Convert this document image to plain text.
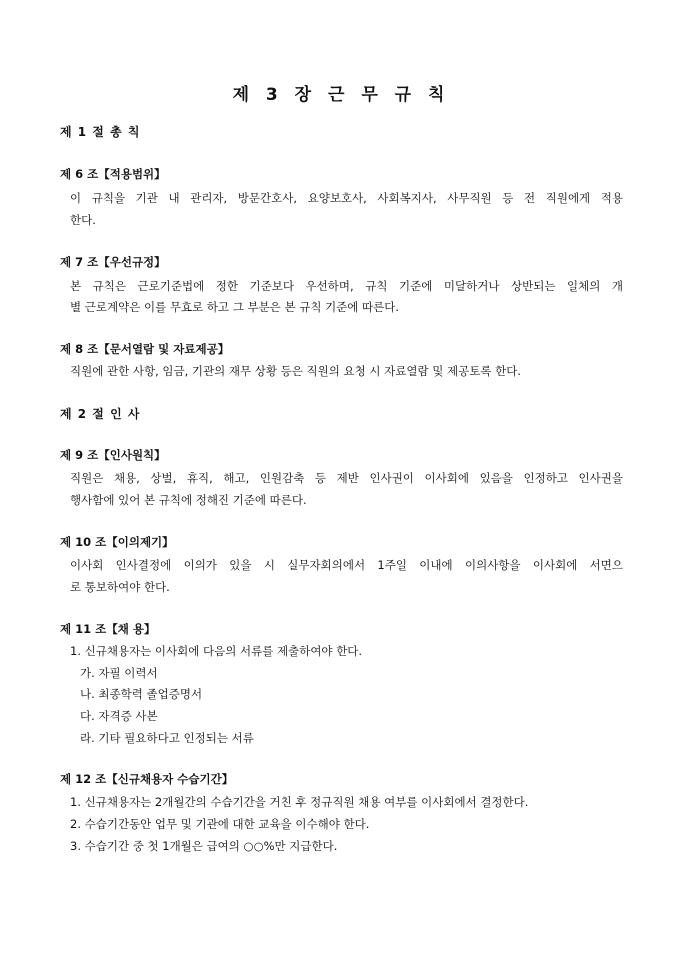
제 3 장 근 무 규 칙
제 1 절 총 칙
제 6 조【적용범위】
이 규칙을 기관 내 관리자, 방문간호사, 요양보호사, 사회복지사, 사무직원 등 전 직원에게 적용
한다.
제 7 조【우선규정】
본 규칙은 근로기준법에 정한 기준보다 우선하며, 규칙 기준에 미달하거나 상반되는 일체의 개
별 근로계약은 이를 무효로 하고 그 부분은 본 규칙 기준에 따른다.
제 8 조【문서열람 및 자료제공】
직원에 관한 사항, 임금, 기관의 재무 상황 등은 직원의 요청 시 자료열람 및 제공토록 한다.
제 2 절 인 사
제 9 조【인사원칙】
직원은 채용, 상벌, 휴직, 해고, 인원감축 등 제반 인사권이 이사회에 있음을 인정하고 인사권을
행사함에 있어 본 규칙에 정해진 기준에 따른다.
제 10 조【이의제기】
이사회 인사결정에 이의가 있을 시 실무자회의에서 1주일 이내에 이의사항을 이사회에 서면으
로 통보하여야 한다.
제 11 조【채 용】
1. 신규채용자는 이사회에 다음의 서류를 제출하여야 한다.
가. 자필 이력서
나. 최종학력 졸업증명서
다. 자격증 사본
라. 기타 필요하다고 인정되는 서류
제 12 조【신규채용자 수습기간】
1. 신규채용자는 2개월간의 수습기간을 거친 후 정규직원 채용 여부를 이사회에서 결정한다.
2. 수습기간동안 업무 및 기관에 대한 교육을 이수해야 한다.
3. 수습기간 중 첫 1개월은 급여의 ○○%만 지급한다.
